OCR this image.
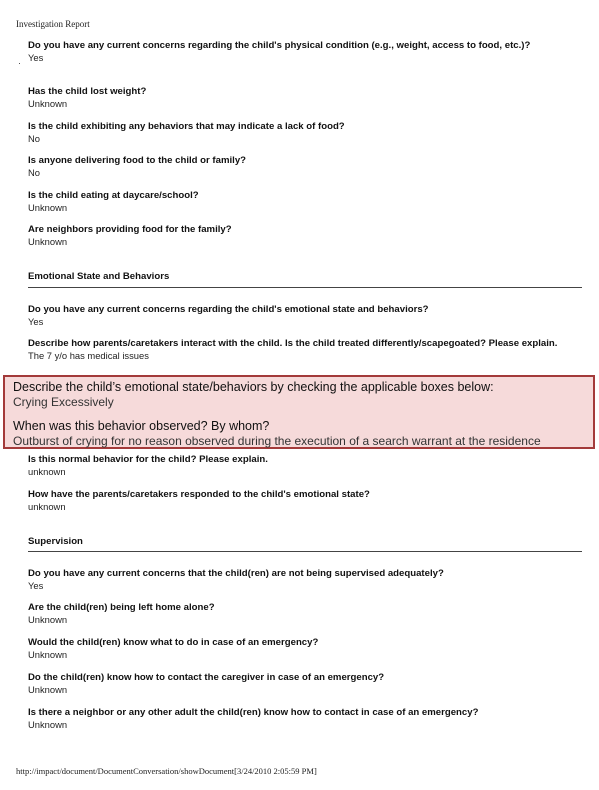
Investigation Report
·
Do you have any current concerns regarding the child's physical condition (e.g., weight, access to food, etc.)?
Yes
Has the child lost weight?
Unknown
Is the child exhibiting any behaviors that may indicate a lack of food?
No
Is anyone delivering food to the child or family?
No
Is the child eating at daycare/school?
Unknown
Are neighbors providing food for the family?
Unknown
Emotional State and Behaviors
Do you have any current concerns regarding the child's emotional state and behaviors?
Yes
Describe how parents/caretakers interact with the child. Is the child treated differently/scapegoated? Please explain.
The 7 y/o has medical issues
Describe the child’s emotional state/behaviors by checking the applicable boxes below:
Crying Excessively
When was this behavior observed? By whom?
Outburst of crying for no reason observed during the execution of a search warrant at the residence
Is this normal behavior for the child? Please explain.
unknown
How have the parents/caretakers responded to the child's emotional state?
unknown
Supervision
Do you have any current concerns that the child(ren) are not being supervised adequately?
Yes
Are the child(ren) being left home alone?
Unknown
Would the child(ren) know what to do in case of an emergency?
Unknown
Do the child(ren) know how to contact the caregiver in case of an emergency?
Unknown
Is there a neighbor or any other adult the child(ren) know how to contact in case of an emergency?
Unknown
http://impact/document/DocumentConversation/showDocument[3/24/2010 2:05:59 PM]
